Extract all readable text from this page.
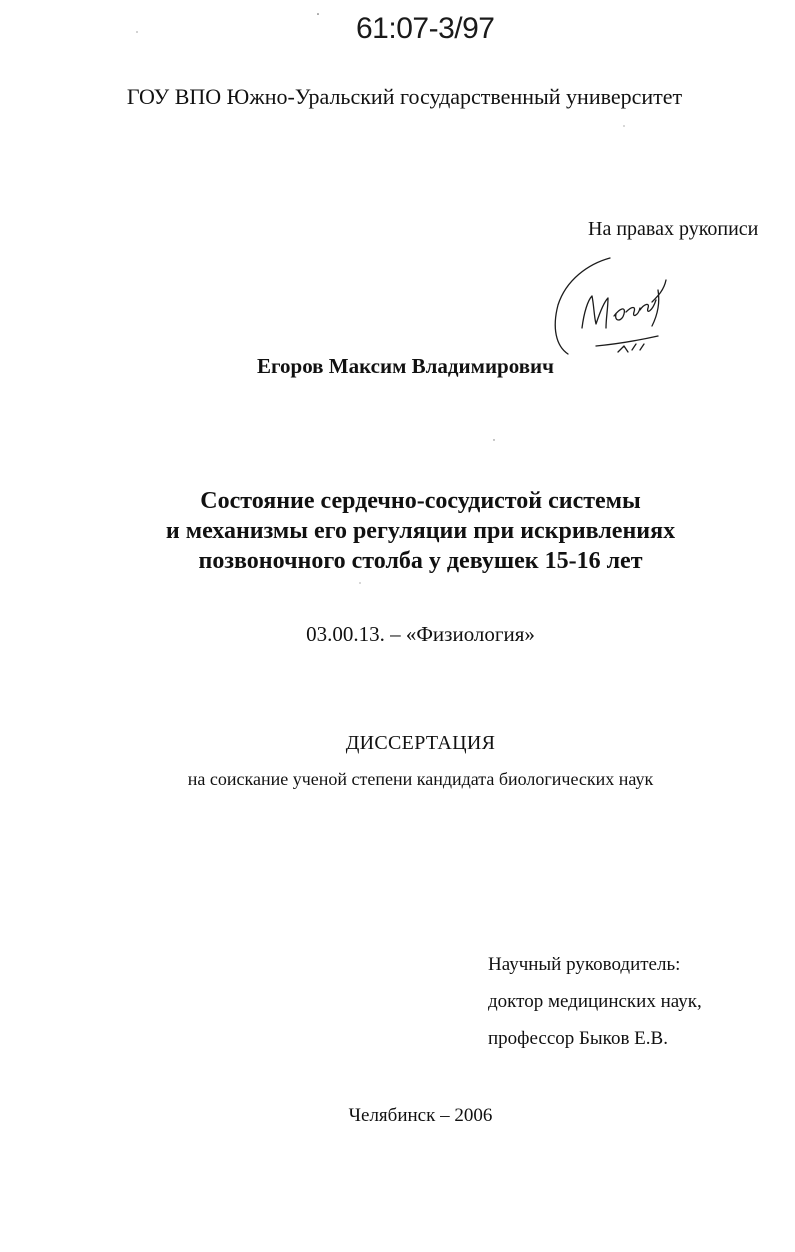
61:07-3/97
ГОУ ВПО Южно-Уральский государственный университет
На правах рукописи
Егоров Максим Владимирович
Состояние сердечно-сосудистой системы
и механизмы его регуляции при искривлениях
позвоночного столба у девушек 15-16 лет
03.00.13. – «Физиология»
ДИССЕРТАЦИЯ
на соискание ученой степени кандидата биологических наук
Научный руководитель:
доктор медицинских наук,
профессор Быков Е.В.
Челябинск – 2006
